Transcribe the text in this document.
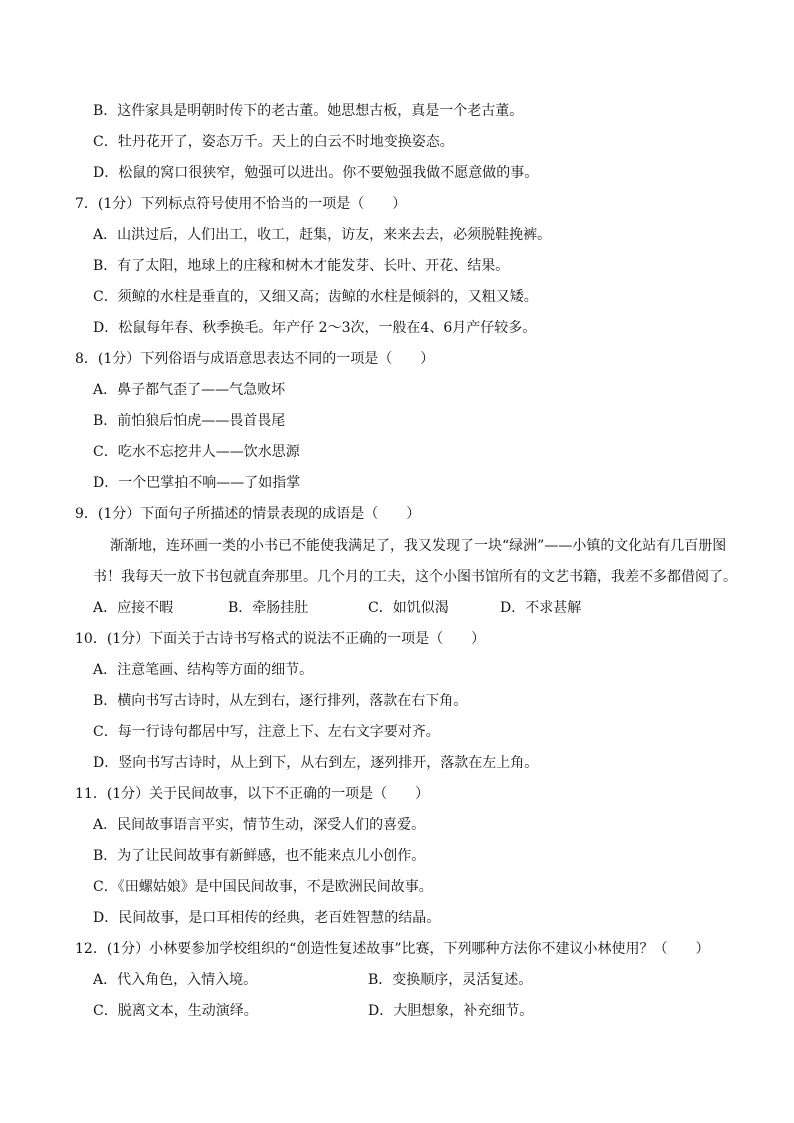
B．这件家具是明朝时传下的老古董。她思想古板，真是一个老古董。
C．牡丹花开了，姿态万千。天上的白云不时地变换姿态。
D．松鼠的窝口很狭窄，勉强可以进出。你不要勉强我做不愿意做的事。
7．(1分）下列标点符号使用不恰当的一项是（　　）
A．山洪过后，人们出工，收工，赶集，访友，来来去去，必须脱鞋挽裤。
B．有了太阳，地球上的庄稼和树木才能发芽、长叶、开花、结果。
C．须鲸的水柱是垂直的，又细又高；齿鲸的水柱是倾斜的，又粗又矮。
D．松鼠每年春、秋季换毛。年产仔 2～3次，一般在4、6月产仔较多。
8．(1分）下列俗语与成语意思表达不同的一项是（　　）
A．鼻子都气歪了——气急败坏
B．前怕狼后怕虎——畏首畏尾
C．吃水不忘挖井人——饮水思源
D．一个巴掌拍不响——了如指掌
9．(1分）下面句子所描述的情景表现的成语是（　　）
渐渐地，连环画一类的小书已不能使我满足了，我又发现了一块“绿洲”——小镇的文化站有几百册图
书！我每天一放下书包就直奔那里。几个月的工夫，这个小图书馆所有的文艺书籍，我差不多都借阅了。
A．应接不暇	B．牵肠挂肚	C．如饥似渴	D．不求甚解
10．(1分）下面关于古诗书写格式的说法不正确的一项是（　　）
A．注意笔画、结构等方面的细节。
B．横向书写古诗时，从左到右，逐行排列，落款在右下角。
C．每一行诗句都居中写，注意上下、左右文字要对齐。
D．竖向书写古诗时，从上到下，从右到左，逐列排开，落款在左上角。
11．(1分）关于民间故事，以下不正确的一项是（　　）
A．民间故事语言平实，情节生动，深受人们的喜爱。
B．为了让民间故事有新鲜感，也不能来点儿小创作。
C．《田螺姑娘》是中国民间故事，不是欧洲民间故事。
D．民间故事，是口耳相传的经典，老百姓智慧的结晶。
12．(1分）小林要参加学校组织的“创造性复述故事”比赛，下列哪种方法你不建议小林使用？（　　）
A．代入角色，入情入境。	B．变换顺序，灵活复述。
C．脱离文本，生动演绎。	D．大胆想象，补充细节。
